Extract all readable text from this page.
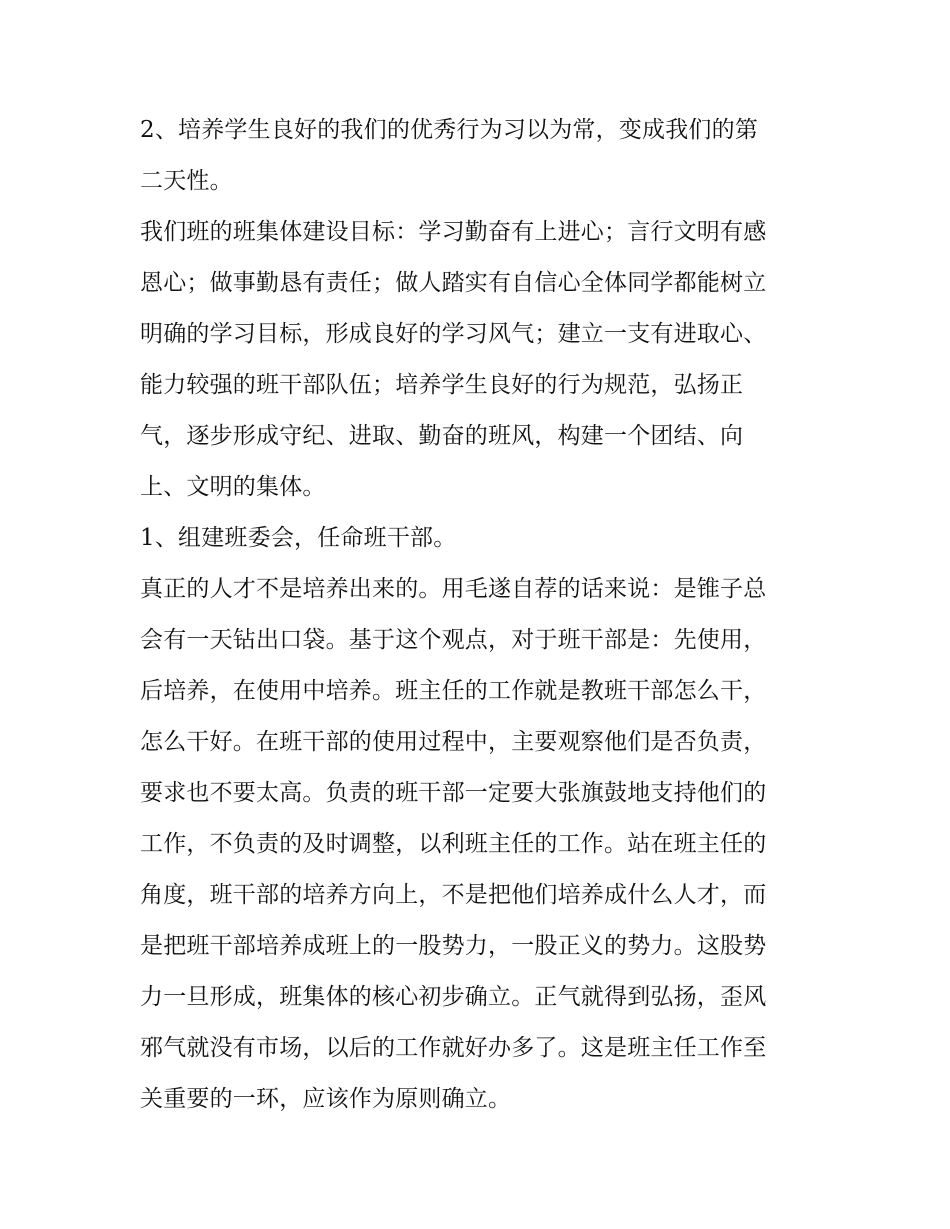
2、培养学生良好的我们的优秀行为习以为常，变成我们的第
二天性。
我们班的班集体建设目标：学习勤奋有上进心；言行文明有感
恩心；做事勤恳有责任；做人踏实有自信心全体同学都能树立
明确的学习目标，形成良好的学习风气；建立一支有进取心、
能力较强的班干部队伍；培养学生良好的行为规范，弘扬正
气，逐步形成守纪、进取、勤奋的班风，构建一个团结、向
上、文明的集体。
1、组建班委会，任命班干部。
真正的人才不是培养出来的。用毛遂自荐的话来说：是锥子总
会有一天钻出口袋。基于这个观点，对于班干部是：先使用，
后培养，在使用中培养。班主任的工作就是教班干部怎么干，
怎么干好。在班干部的使用过程中，主要观察他们是否负责，
要求也不要太高。负责的班干部一定要大张旗鼓地支持他们的
工作，不负责的及时调整，以利班主任的工作。站在班主任的
角度，班干部的培养方向上，不是把他们培养成什么人才，而
是把班干部培养成班上的一股势力，一股正义的势力。这股势
力一旦形成，班集体的核心初步确立。正气就得到弘扬，歪风
邪气就没有市场，以后的工作就好办多了。这是班主任工作至
关重要的一环，应该作为原则确立。
